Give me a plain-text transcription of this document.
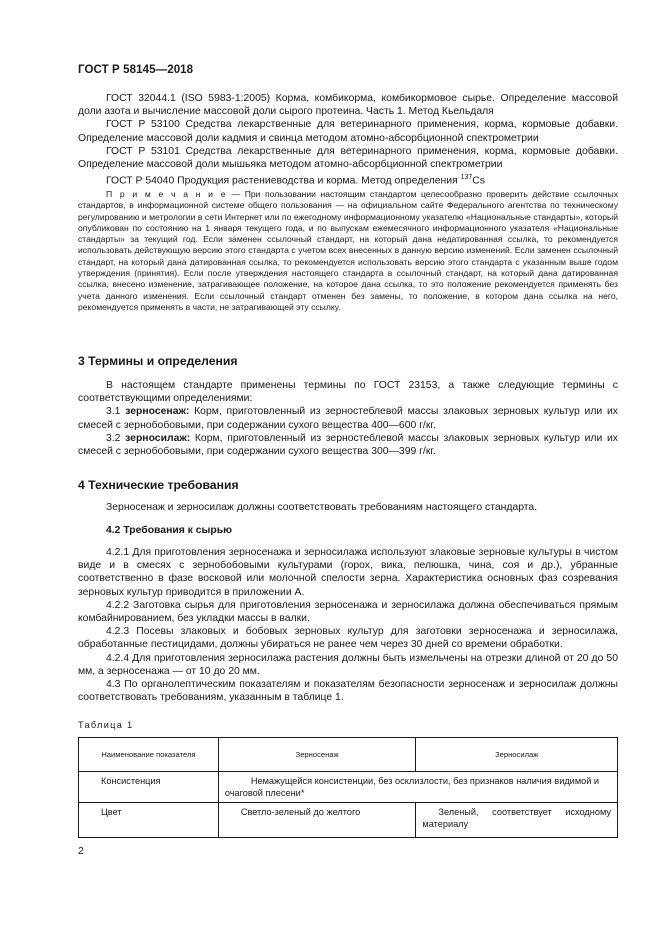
ГОСТ Р 58145—2018

ГОСТ 32044.1 (ISO 5983-1:2005) Корма, комбикорма, комбикормовое сырье. Определение массовой доли азота и вычисление массовой доли сырого протеина. Часть 1. Метод Кьельдаля

ГОСТ Р 53100 Средства лекарственные для ветеринарного применения, корма, кормовые добавки. Определение массовой доли кадмия и свинца методом атомно-абсорбционной спектрометрии

ГОСТ Р 53101 Средства лекарственные для ветеринарного применения, корма, кормовые добавки. Определение массовой доли мышьяка методом атомно-абсорбционной спектрометрии

ГОСТ Р 54040 Продукция растениеводства и корма. Метод определения $^{137}$Cs

П р и м е ч а н и е — При пользовании настоящим стандартом целесообразно проверить действие ссылочных стандартов, в информационной системе общего пользования — на официальном сайте Федерального агентства по техническому регулированию и метрологии в сети Интернет или по ежегодному информационному указателю «Национальные стандарты», который опубликован по состоянию на 1 января текущего года, и по выпускам ежемесячного информационного указателя «Национальные стандарты» за текущий год. Если заменен ссылочный стандарт, на который дана недатированная ссылка, то рекомендуется использовать действующую версию этого стандарта с учетом всех внесенных в данную версию изменений. Если заменен ссылочный стандарт, на который дана датированная ссылка, то рекомендуется использовать версию этого стандарта с указанным выше годом утверждения (принятия). Если после утверждения настоящего стандарта в ссылочный стандарт, на который дана датированная ссылка, внесено изменение, затрагивающее положение, на которое дана ссылка, то это положение рекомендуется применять без учета данного изменения. Если ссылочный стандарт отменен без замены, то положение, в котором дана ссылка на него, рекомендуется применять в части, не затрагивающей эту ссылку.

3 Термины и определения

В настоящем стандарте применены термины по ГОСТ 23153, а также следующие термины с соответствующими определениями:

3.1 зерносенаж: Корм, приготовленный из зерностеблевой массы злаковых зерновых культур или их смесей с зернобобовыми, при содержании сухого вещества 400—600 г/кг.

3.2 зерносилаж: Корм, приготовленный из зерностеблевой массы злаковых зерновых культур или их смесей с зернобобовыми, при содержании сухого вещества 300—399 г/кг.

4 Технические требования

Зерносенаж и зерносилаж должны соответствовать требованиям настоящего стандарта.

4.2 Требования к сырью

4.2.1 Для приготовления зерносенажа и зерносилажа используют злаковые зерновые культуры в чистом виде и в смесях с зернобобовыми культурами (горох, вика, пелюшка, чина, соя и др.), убранные соответственно в фазе восковой или молочной спелости зерна. Характеристика основных фаз созревания зерновых культур приводится в приложении А.

4.2.2 Заготовка сырья для приготовления зерносенажа и зерносилажа должна обеспечиваться прямым комбайнированием, без укладки массы в валки.

4.2.3 Посевы злаковых и бобовых зерновых культур для заготовки зерносенажа и зерносилажа, обработанные пестицидами, должны убираться не ранее чем через 30 дней со времени обработки.

4.2.4 Для приготовления зерносилажа растения должны быть измельчены на отрезки длиной от 20 до 50 мм, а зерносенажа — от 10 до 20 мм.

4.3 По органолептическим показателям и показателям безопасности зерносенаж и зерносилаж должны соответствовать требованиям, указанным в таблице 1.

Таблица 1
Наименование показателя	Зерносенаж	Зерносилаж
Консистенция	Немажущейся консистенции, без осклизлости, без признаков наличия видимой и очаговой плесени*	
Цвет	Светло-зеленый до желтого	Зеленый, соответствует исходному материалу
2
